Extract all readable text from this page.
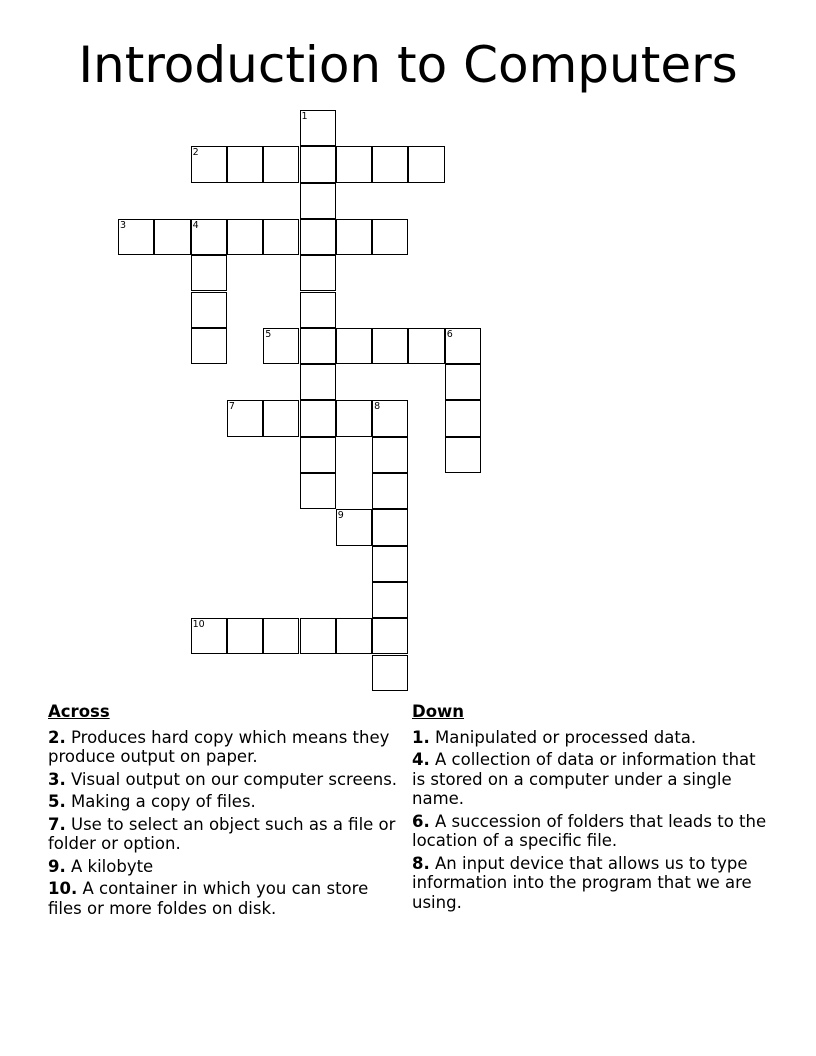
Introduction to Computers
2
3	4
5	6
7	8
9
10
1
Across
2. Produces hard copy which means they produce output on paper.
3. Visual output on our computer screens.
5. Making a copy of files.
7. Use to select an object such as a file or folder or option.
9. A kilobyte
10. A container in which you can store files or more foldes on disk.
Down
1. Manipulated or processed data.
4. A collection of data or information that is stored on a computer under a single name.
6. A succession of folders that leads to the location of a specific file.
8. An input device that allows us to type information into the program that we are using.
